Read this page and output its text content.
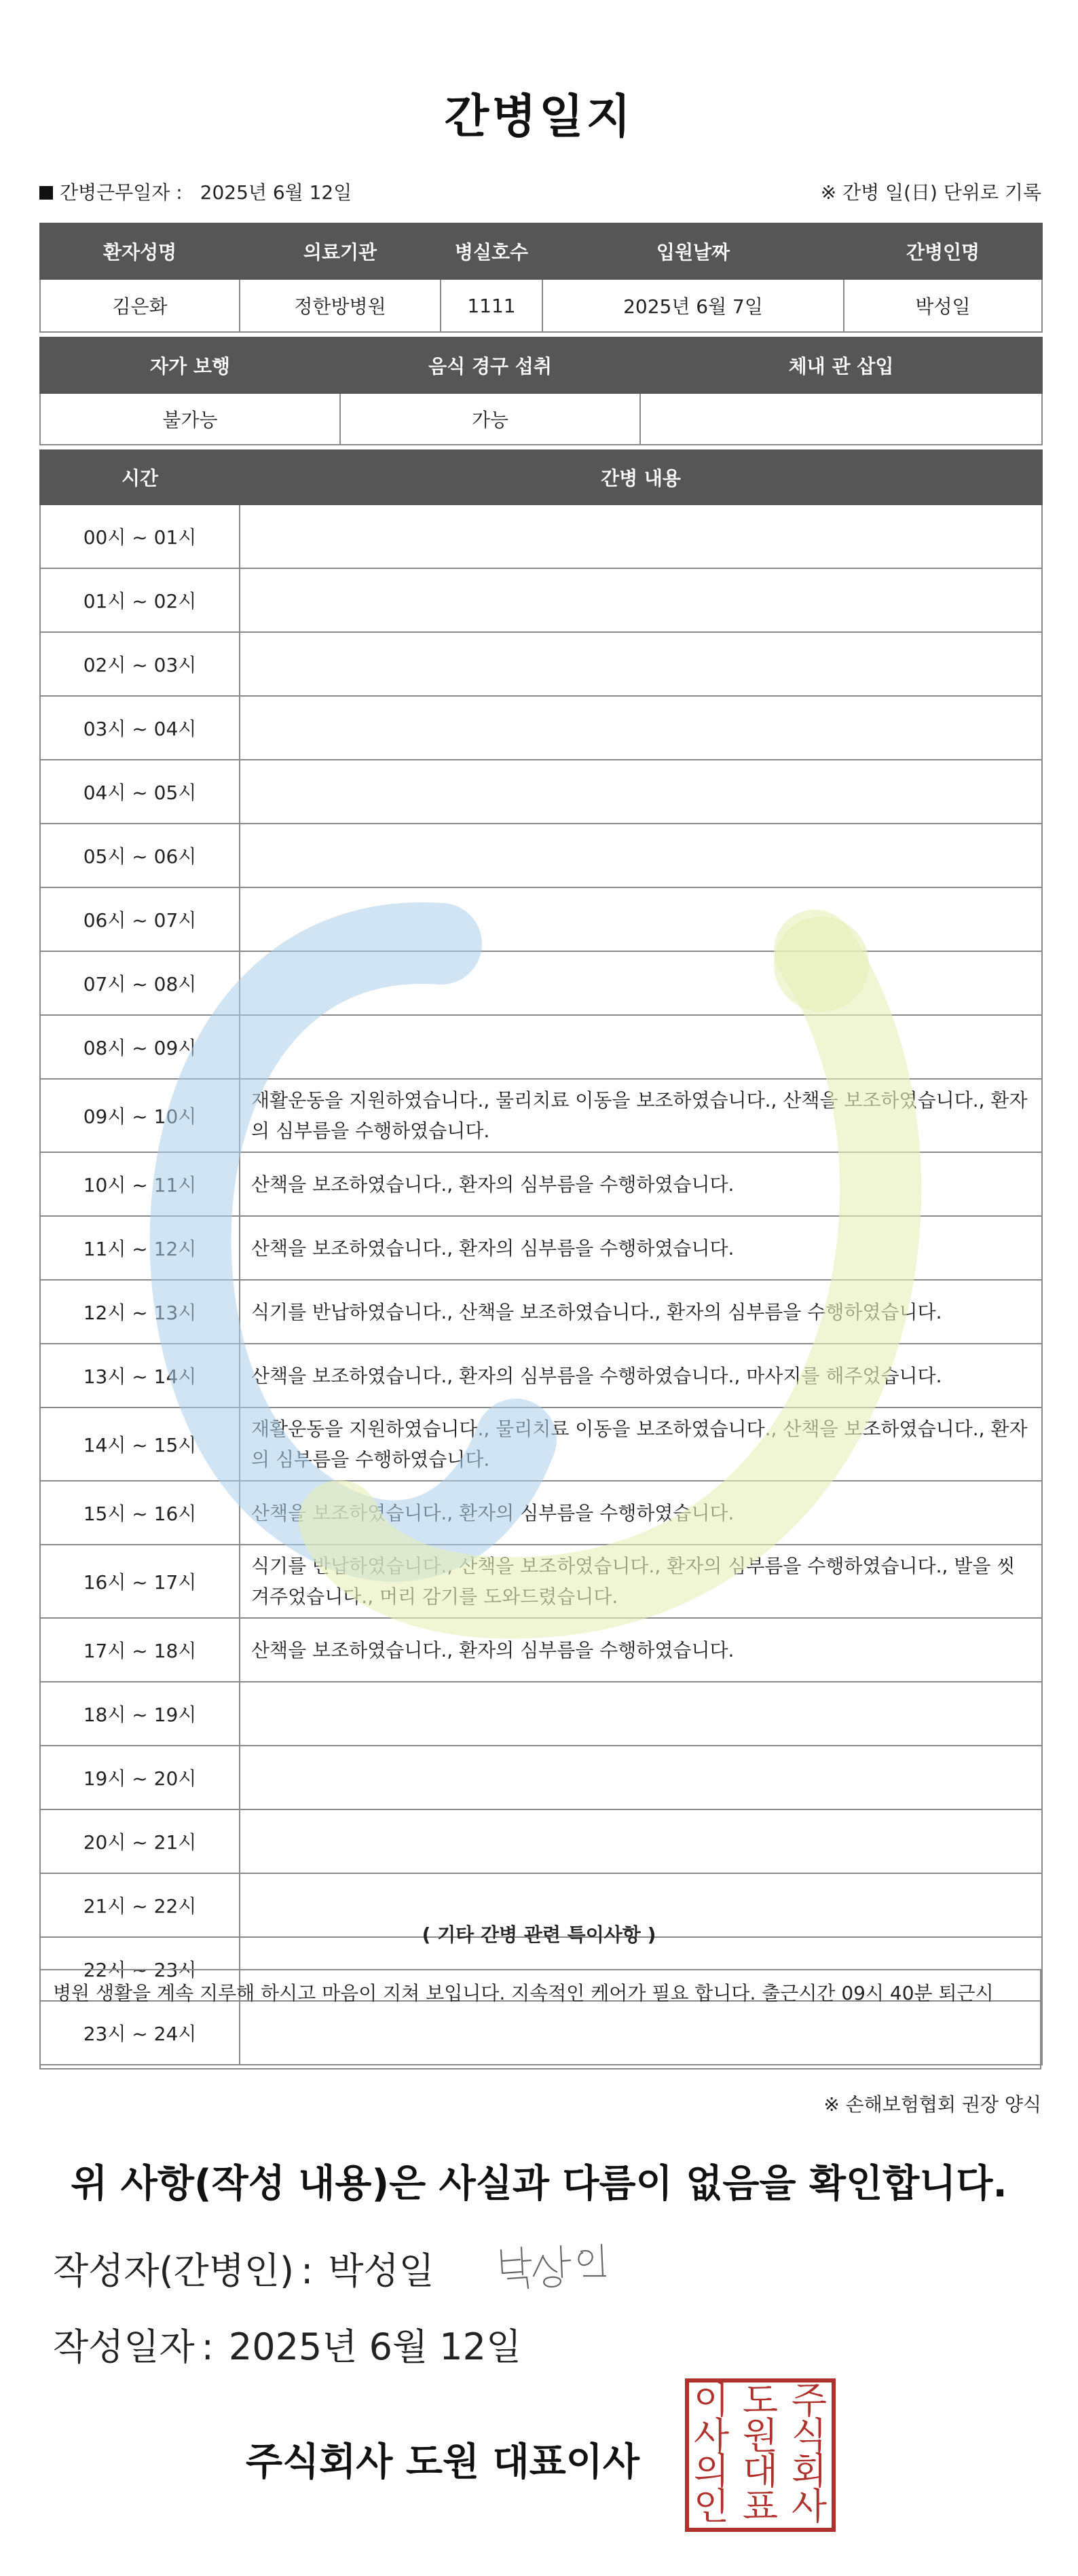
간병일지
간병근무일자 : 2025년 6월 12일	※ 간병 일(日) 단위로 기록
환자성명	의료기관	병실호수	입원날짜	간병인명
김은화	정한방병원	1111	2025년 6월 7일	박성일
자가 보행	음식 경구 섭취	체내 관 삽입
불가능	가능	
시간	간병 내용
00시 ~ 01시	
01시 ~ 02시	
02시 ~ 03시	
03시 ~ 04시	
04시 ~ 05시	
05시 ~ 06시	
06시 ~ 07시	
07시 ~ 08시	
08시 ~ 09시	
09시 ~ 10시	재활운동을 지원하였습니다., 물리치료 이동을 보조하였습니다., 산책을 보조하였습니다., 환자의 심부름을 수행하였습니다.
10시 ~ 11시	산책을 보조하였습니다., 환자의 심부름을 수행하였습니다.
11시 ~ 12시	산책을 보조하였습니다., 환자의 심부름을 수행하였습니다.
12시 ~ 13시	식기를 반납하였습니다., 산책을 보조하였습니다., 환자의 심부름을 수행하였습니다.
13시 ~ 14시	산책을 보조하였습니다., 환자의 심부름을 수행하였습니다., 마사지를 해주었습니다.
14시 ~ 15시	재활운동을 지원하였습니다., 물리치료 이동을 보조하였습니다., 산책을 보조하였습니다., 환자의 심부름을 수행하였습니다.
15시 ~ 16시	산책을 보조하였습니다., 환자의 심부름을 수행하였습니다.
16시 ~ 17시	식기를 반납하였습니다., 산책을 보조하였습니다., 환자의 심부름을 수행하였습니다., 발을 씻겨주었습니다., 머리 감기를 도와드렸습니다.
17시 ~ 18시	산책을 보조하였습니다., 환자의 심부름을 수행하였습니다.
18시 ~ 19시	
19시 ~ 20시	
20시 ~ 21시	
21시 ~ 22시	
22시 ~ 23시	
23시 ~ 24시	
( 기타 간병 관련 특이사항 )
병원 생활을 계속 지루해 하시고 마음이 지쳐 보입니다. 지속적인 케어가 필요 합니다. 출근시간 09시 40분 퇴근시
※ 손해보험협회 권장 양식
위 사항(작성 내용)은 사실과 다름이 없음을 확인합니다.
작성자(간병인) : 박성일
작성일자 : 2025년 6월 12일
주식회사 도원 대표이사
주
식
회
사
도
원
대
표
이
사
의
인
